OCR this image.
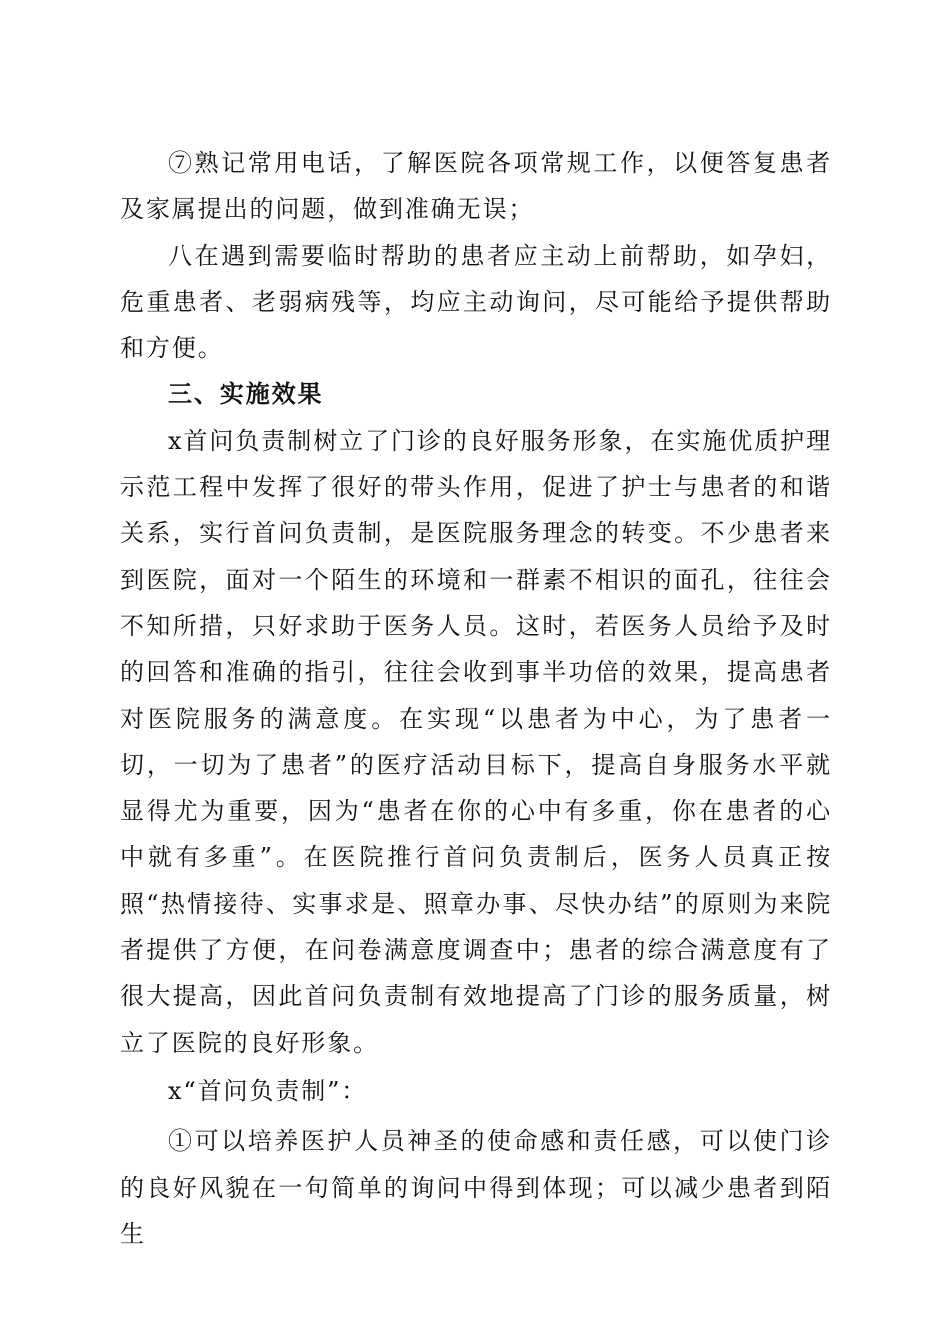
⑦熟记常用电话，了解医院各项常规工作，以便答复患者及家属提出的问题，做到准确无误；

八在遇到需要临时帮助的患者应主动上前帮助，如孕妇，危重患者、老弱病残等，均应主动询问，尽可能给予提供帮助和方便。

三、实施效果

x首问负责制树立了门诊的良好服务形象，在实施优质护理示范工程中发挥了很好的带头作用，促进了护士与患者的和谐关系，实行首问负责制，是医院服务理念的转变。不少患者来到医院，面对一个陌生的环境和一群素不相识的面孔，往往会不知所措，只好求助于医务人员。这时，若医务人员给予及时的回答和准确的指引，往往会收到事半功倍的效果，提高患者对医院服务的满意度。在实现“以患者为中心，为了患者一切，一切为了患者”的医疗活动目标下，提高自身服务水平就显得尤为重要，因为“患者在你的心中有多重，你在患者的心中就有多重”。在医院推行首问负责制后，医务人员真正按照“热情接待、实事求是、照章办事、尽快办结”的原则为来院者提供了方便，在问卷满意度调查中；患者的综合满意度有了很大提高，因此首问负责制有效地提高了门诊的服务质量，树立了医院的良好形象。

x“首问负责制”：

①可以培养医护人员神圣的使命感和责任感，可以使门诊的良好风貌在一句简单的询问中得到体现；可以减少患者到陌生
